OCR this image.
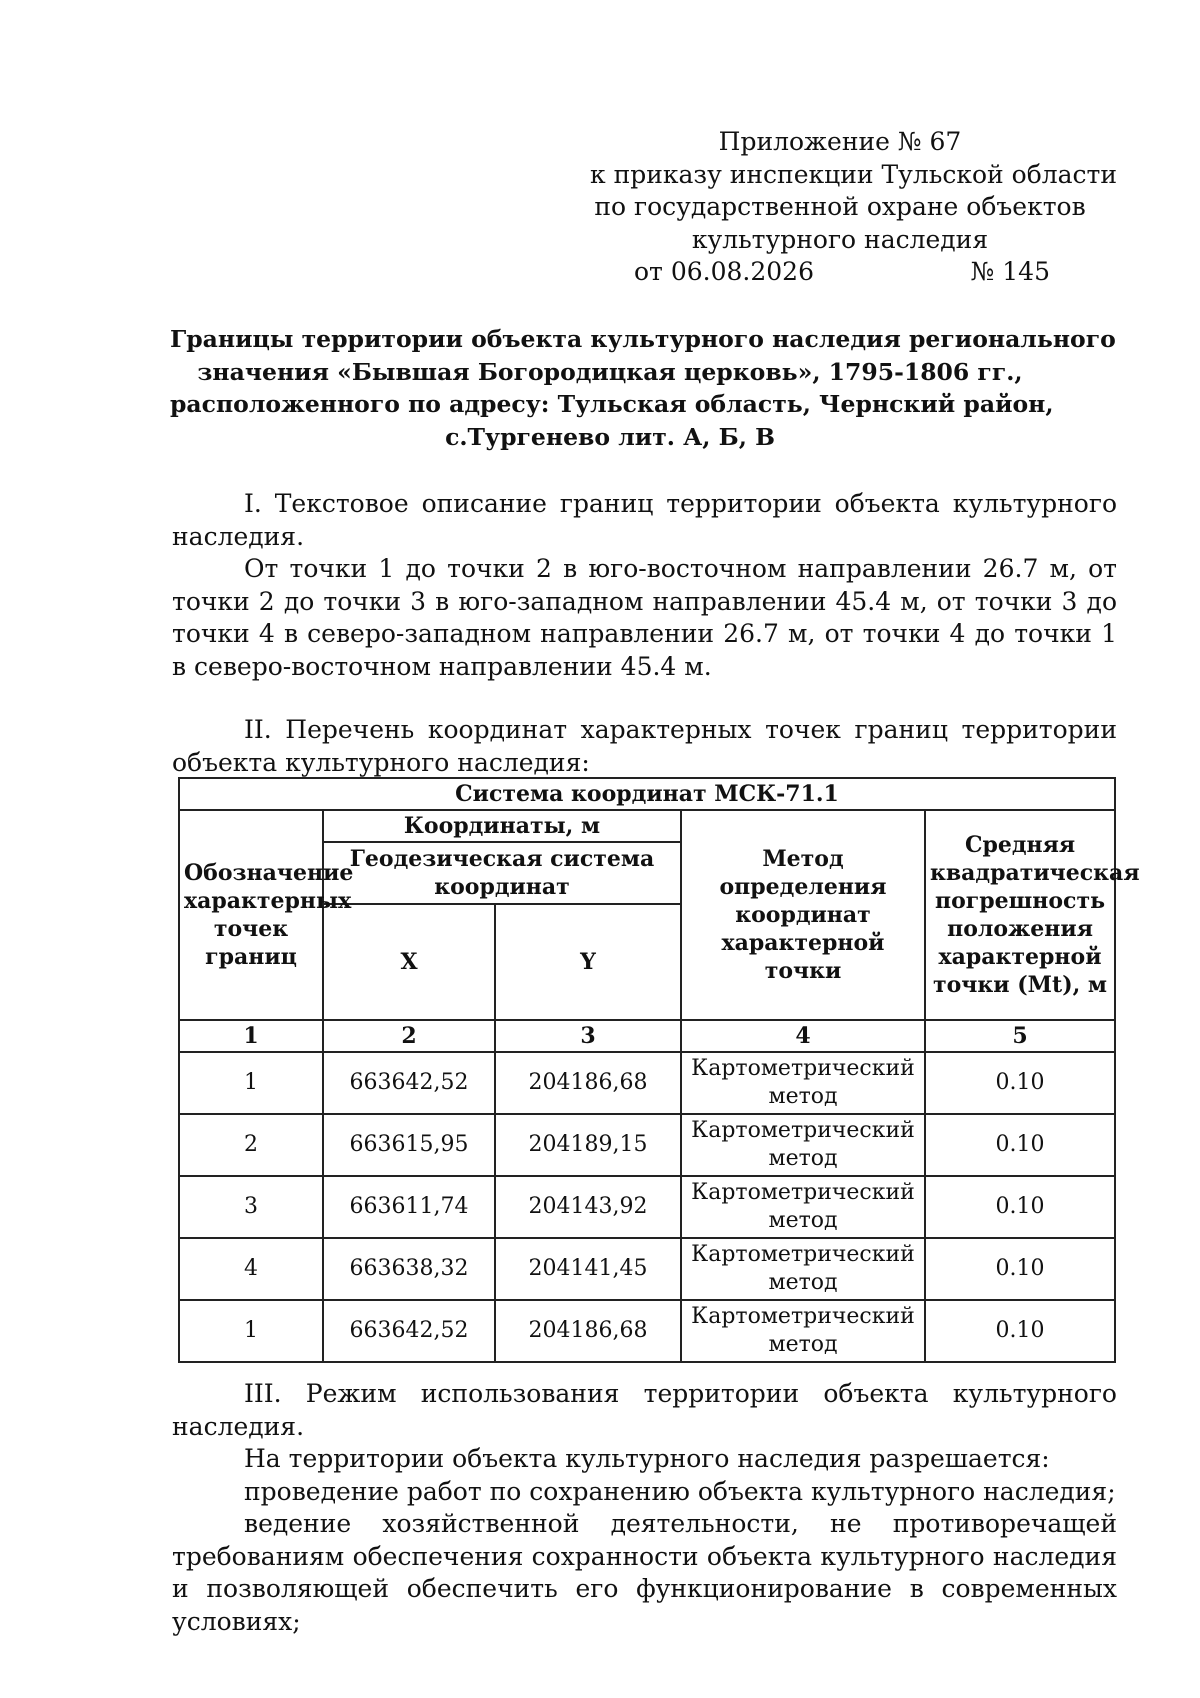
Приложение № 67
к приказу инспекции Тульской области
по государственной охране объектов
культурного наследия
от 06.08.2026	№ 145
Границы территории объекта культурного наследия регионального
значения «Бывшая Богородицкая церковь», 1795-1806 гг.,
расположенного по адресу: Тульская область, Чернский район,
с.Тургенево лит. А, Б, В

I. Текстовое описание границ территории объекта культурного наследия.

От точки 1 до точки 2 в юго-восточном направлении 26.7 м, от точки 2 до точки 3 в юго-западном направлении 45.4 м, от точки 3 до точки 4 в северо-западном направлении 26.7 м, от точки 4 до точки 1 в северо-восточном направлении 45.4 м.

II. Перечень координат характерных точек границ территории объекта культурного наследия:

Система координат МСК-71.1				
Обозначение характерных точек границ	Координаты, м		Метод определения координат характерной точки	Средняя квадратическая погрешность положения характерной точки (Mt), м
	Геодезическая система координат			
	X	Y		
1	2	3	4	5
1	663642,52	204186,68	Картометрический метод	0.10
2	663615,95	204189,15	Картометрический метод	0.10
3	663611,74	204143,92	Картометрический метод	0.10
4	663638,32	204141,45	Картометрический метод	0.10
1	663642,52	204186,68	Картометрический метод	0.10

III. Режим использования территории объекта культурного наследия.

На территории объекта культурного наследия разрешается:

проведение работ по сохранению объекта культурного наследия;

ведение хозяйственной деятельности, не противоречащей требованиям обеспечения сохранности объекта культурного наследия и позволяющей обеспечить его функционирование в современных условиях;
